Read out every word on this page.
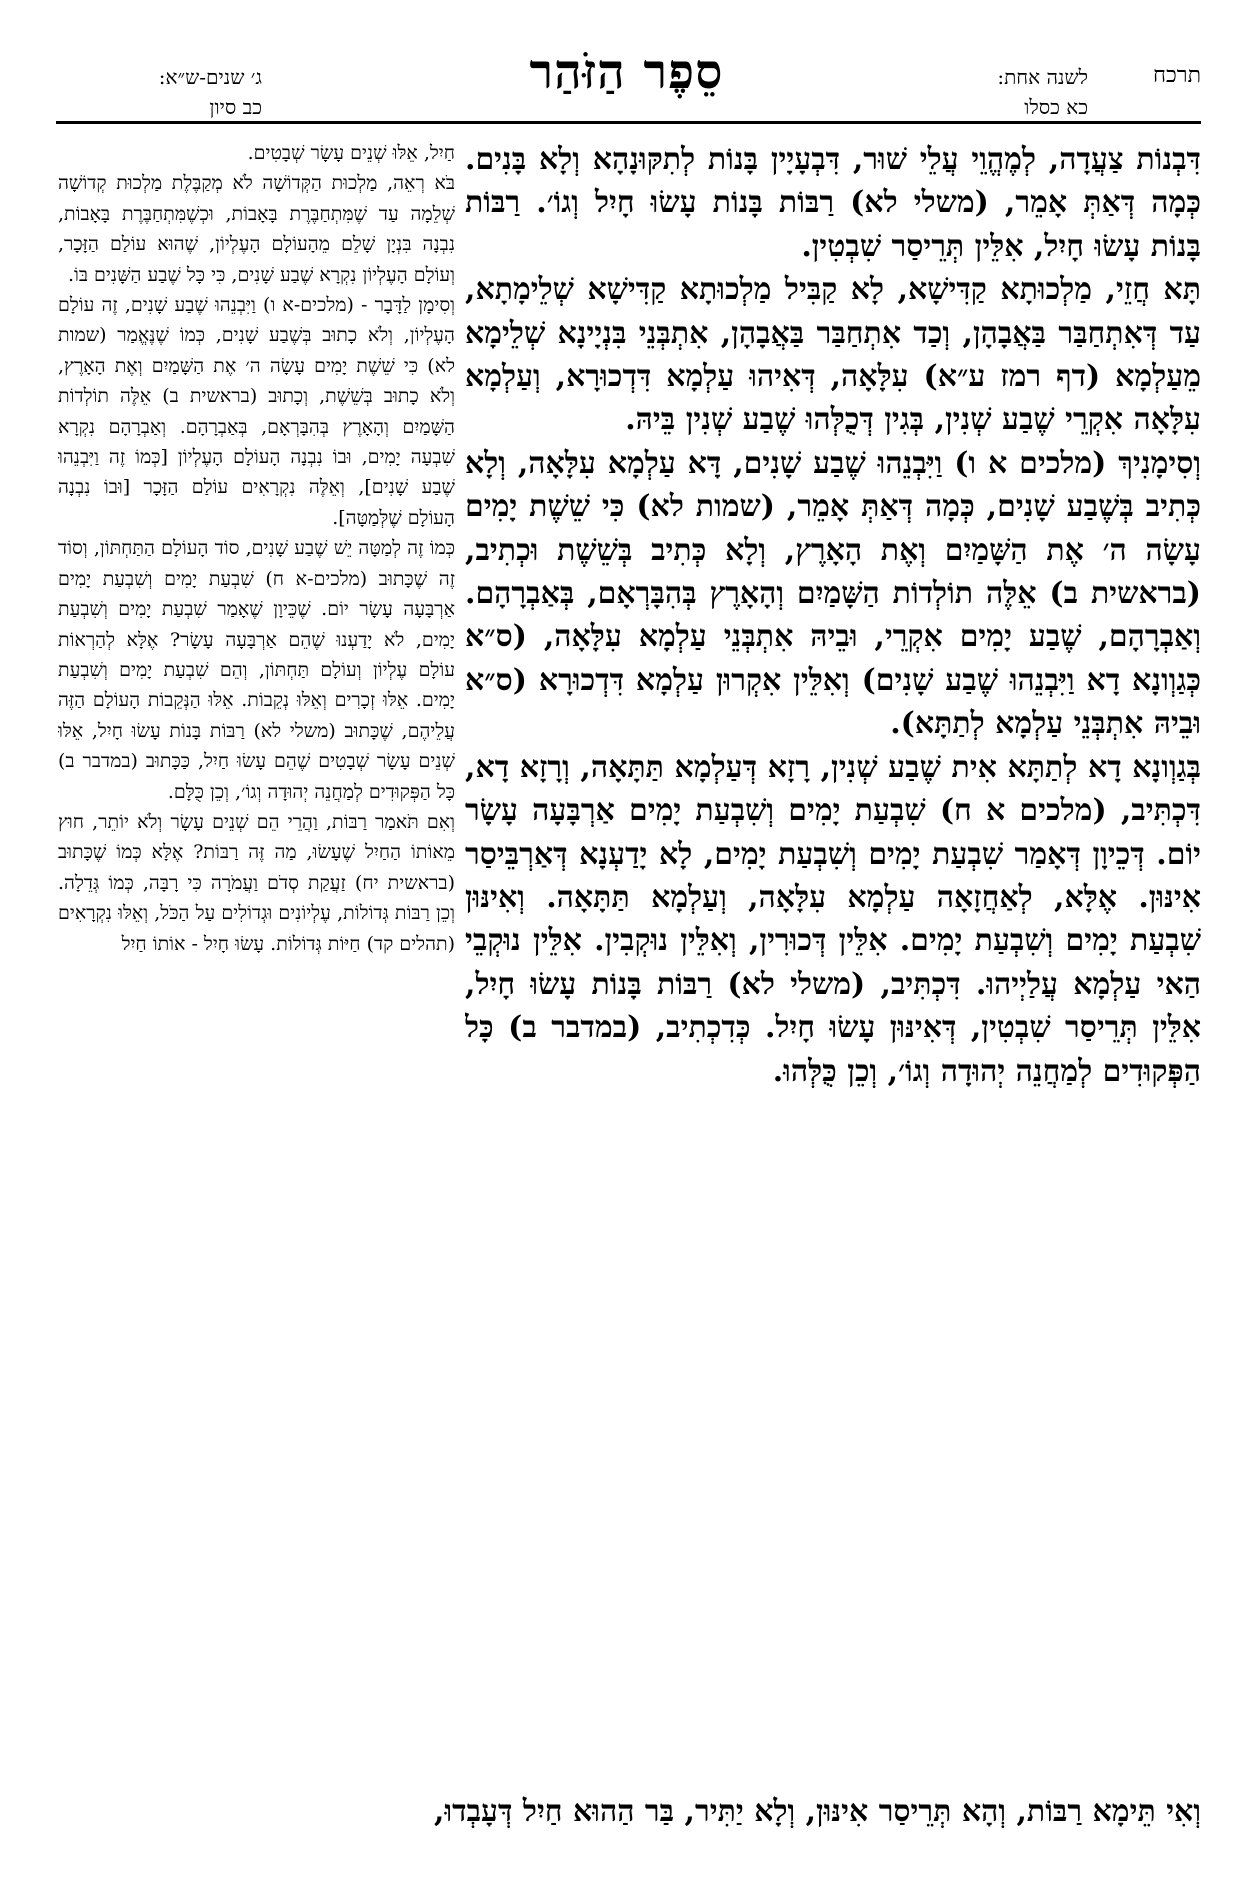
תרכח
לשנה אחת:
כא כסלו
סֵפֶר הַזֹּהַר
ג׳ שנים-ש״א:
כב סיון

דִּבְנוֹת צַעֲדָה, לְמֶהֱוֵי עֲלֵי שׁוּר, דִּבְעָיָין בָּנוֹת לְתִקּוּנָהָא וְלָא בָּנִים. כְּמָה דְּאַתְּ אָמֵר, (משלי לא) רַבּוֹת בָּנוֹת עָשׂוּ חָיִל וְגוֹ׳. רַבּוֹת בָּנוֹת עָשׂוּ חָיִל, אִלֵּין תְּרֵיסַר שִׁבְטִין.

תָּא חֲזֵי, מַלְכוּתָא קַדִּישָׁא, לָא קַבִּיל מַלְכוּתָא קַדִּישָׁא שְׁלֵימָתָא, עַד דְּאִתְחַבַּר בַּאֲבָהָן, וְכַד אִתְחַבַּר בַּאֲבָהָן, אִתְבְּנֵי בִּנְיָינָא שְׁלֵימָא מֵעַלְמָא (דף רמז ע״א) עִלָּאָה, דְּאִיהוּ עַלְמָא דִּדְכוּרָא, וְעַלְמָא עִלָּאָה אִקְרֵי שֶׁבַע שְׁנִין, בְּגִין דְּכֻלְּהוּ שֶׁבַע שְׁנִין בֵּיהּ.

וְסִימָנִיךְ (מלכים א ו) וַיִּבְנֵהוּ שֶׁבַע שָׁנִים, דָּא עַלְמָא עִלָּאָה, וְלָא כְּתִיב בְּשֶׁבַע שָׁנִים, כְּמָה דְּאַתְּ אָמֵר, (שמות לא) כִּי שֵׁשֶׁת יָמִים עָשָׂה ה׳ אֶת הַשָּׁמַיִם וְאֶת הָאָרֶץ, וְלָא כְּתִיב בְּשֵׁשֶׁת וּכְתִיב, (בראשית ב) אֵלֶּה תוֹלְדוֹת הַשָּׁמַיִם וְהָאָרֶץ בְּהִבָּרְאָם, בְּאַבְרָהָם. וְאַבְרָהָם, שֶׁבַע יָמִים אִקְרֵי, וּבֵיהּ אִתְבְּנֵי עַלְמָא עִלָּאָה, (ס״א כְּגַוְונָא דָא וַיִּבְנֵהוּ שֶׁבַע שָׁנִים) וְאִלֵּין אִקְרוּן עַלְמָא דִּדְכוּרָא (ס״א וּבֵיהּ אִתְבְּנֵי עַלְמָא לְתַתָּא).

בְּגַוְונָא דָא לְתַתָּא אִית שֶׁבַע שְׁנִין, רָזָא דְּעַלְמָא תַּתָּאָה, וְרָזָא דָא, דִּכְתִּיב, (מלכים א ח) שִׁבְעַת יָמִים וְשִׁבְעַת יָמִים אַרְבָּעָה עָשָׂר יוֹם. דְּכֵיוָן דְּאָמַר שִׁבְעַת יָמִים וְשִׁבְעַת יָמִים, לָא יָדַעְנָא דְּאַרְבֵּיסַר אִינּוּן. אֶלָּא, לְאַחֲזָאָה עַלְמָא עִלָּאָה, וְעַלְמָא תַּתָּאָה. וְאִינּוּן שִׁבְעַת יָמִים וְשִׁבְעַת יָמִים. אִלֵּין דְּכוּרִין, וְאִלֵּין נוּקְבִין. אִלֵּין נוּקְבֵי הַאי עַלְמָא עֲלַיְיהוּ. דִּכְתִּיב, (משלי לא) רַבּוֹת בָּנוֹת עָשׂוּ חָיִל, אִלֵּין תְּרֵיסַר שִׁבְטִין, דְּאִינּוּן עָשׂוּ חָיִל. כְּדִכְתִיב, (במדבר ב) כָּל הַפְּקוּדִים לְמַחֲנֵה יְהוּדָה וְגוֹ׳, וְכֵן כֻּלְּהוּ.

חַיִל, אֵלּוּ שְׁנֵים עָשָׂר שְׁבָטִים.

בֹּא רְאֵה, מַלְכוּת הַקְּדוֹשָׁה לֹא מְקַבֶּלֶת מַלְכוּת קְדוֹשָׁה שְׁלֵמָה עַד שֶׁמִּתְחַבֶּרֶת בָּאָבוֹת, וּכְשֶׁמִּתְחַבֶּרֶת בָּאָבוֹת, נִבְנָה בִּנְיָן שָׁלֵם מֵהָעוֹלָם הָעֶלְיוֹן, שֶׁהוּא עוֹלַם הַזָּכָר, וְעוֹלָם הָעֶלְיוֹן נִקְרָא שֶׁבַע שָׁנִים, כִּי כָּל שֶׁבַע הַשָּׁנִים בּוֹ.

וְסִימָן לַדָּבָר - (מלכים-א ו) וַיִּבְנֵהוּ שֶׁבַע שָׁנִים, זֶה עוֹלָם הָעֶלְיוֹן, וְלֹא כָתוּב בְּשֶׁבַע שָׁנִים, כְּמוֹ שֶׁנֶּאֱמַר (שמות לא) כִּי שֵׁשֶׁת יָמִים עָשָׂה ה׳ אֶת הַשָּׁמַיִם וְאֶת הָאָרֶץ, וְלֹא כָתוּב בְּשֵׁשֶׁת, וְכָתוּב (בראשית ב) אֵלֶּה תוֹלְדוֹת הַשָּׁמַיִם וְהָאָרֶץ בְּהִבָּרְאָם, בְּאַבְרָהָם. וְאַבְרָהָם נִקְרָא שִׁבְעָה יָמִים, וּבוֹ נִבְנָה הָעוֹלָם הָעֶלְיוֹן [כְּמוֹ זֶה וַיִּבְנֵהוּ שֶׁבַע שָׁנִים], וְאֵלֶּה נִקְרָאִים עוֹלַם הַזָּכָר [וּבוֹ נִבְנָה הָעוֹלָם שֶׁלְּמַטָּה].

כְּמוֹ זֶה לְמַטָּה יֵשׁ שֶׁבַע שָׁנִים, סוֹד הָעוֹלָם הַתַּחְתּוֹן, וְסוֹד זֶה שֶׁכָּתוּב (מלכים-א ח) שִׁבְעַת יָמִים וְשִׁבְעַת יָמִים אַרְבָּעָה עָשָׂר יוֹם. שֶׁכֵּיוָן שֶׁאָמַר שִׁבְעַת יָמִים וְשִׁבְעַת יָמִים, לֹא יָדַעְנוּ שֶׁהֵם אַרְבָּעָה עָשָׂר? אֶלָּא לְהַרְאוֹת עוֹלָם עֶלְיוֹן וְעוֹלָם תַּחְתּוֹן, וְהֵם שִׁבְעַת יָמִים וְשִׁבְעַת יָמִים. אֵלּוּ זְכָרִים וְאֵלּוּ נְקֵבוֹת. אֵלּוּ הַנְּקֵבוֹת הָעוֹלָם הַזֶּה עֲלֵיהֶם, שֶׁכָּתוּב (משלי לא) רַבּוֹת בָּנוֹת עָשׂוּ חָיִל, אֵלּוּ שְׁנֵים עָשָׂר שְׁבָטִים שֶׁהֵם עָשׂוּ חַיִל, כַּכָּתוּב (במדבר ב) כָּל הַפְּקוּדִים לְמַחֲנֵה יְהוּדָה וְגוֹ׳, וְכֵן כֻּלָּם.

וְאִם תֹּאמַר רַבּוֹת, וַהֲרֵי הֵם שְׁנֵים עָשָׂר וְלֹא יוֹתֵר, חוּץ מֵאוֹתוֹ הַחַיִל שֶׁעָשׂוּ, מַה זֶּה רַבּוֹת? אֶלָּא כְּמוֹ שֶׁכָּתוּב (בראשית יח) זַעֲקַת סְדֹם וַעֲמֹרָה כִּי רָבָּה, כְּמוֹ גְּדֵלָה. וְכֵן רַבּוֹת גְּדוֹלוֹת, עֶלְיוֹנִים וּגְדוֹלִים עַל הַכֹּל, וְאֵלּוּ נִקְרָאִים (תהלים קד) חַיּוֹת גְּדוֹלוֹת. עָשׂוּ חָיִל - אוֹתוֹ חַיִל

וְאִי תֵּימָא רַבּוֹת, וְהָא תְּרֵיסַר אִינּוּן, וְלָא יַתִּיר, בַּר הַהוּא חַיִל דְּעָבְדוּ,
